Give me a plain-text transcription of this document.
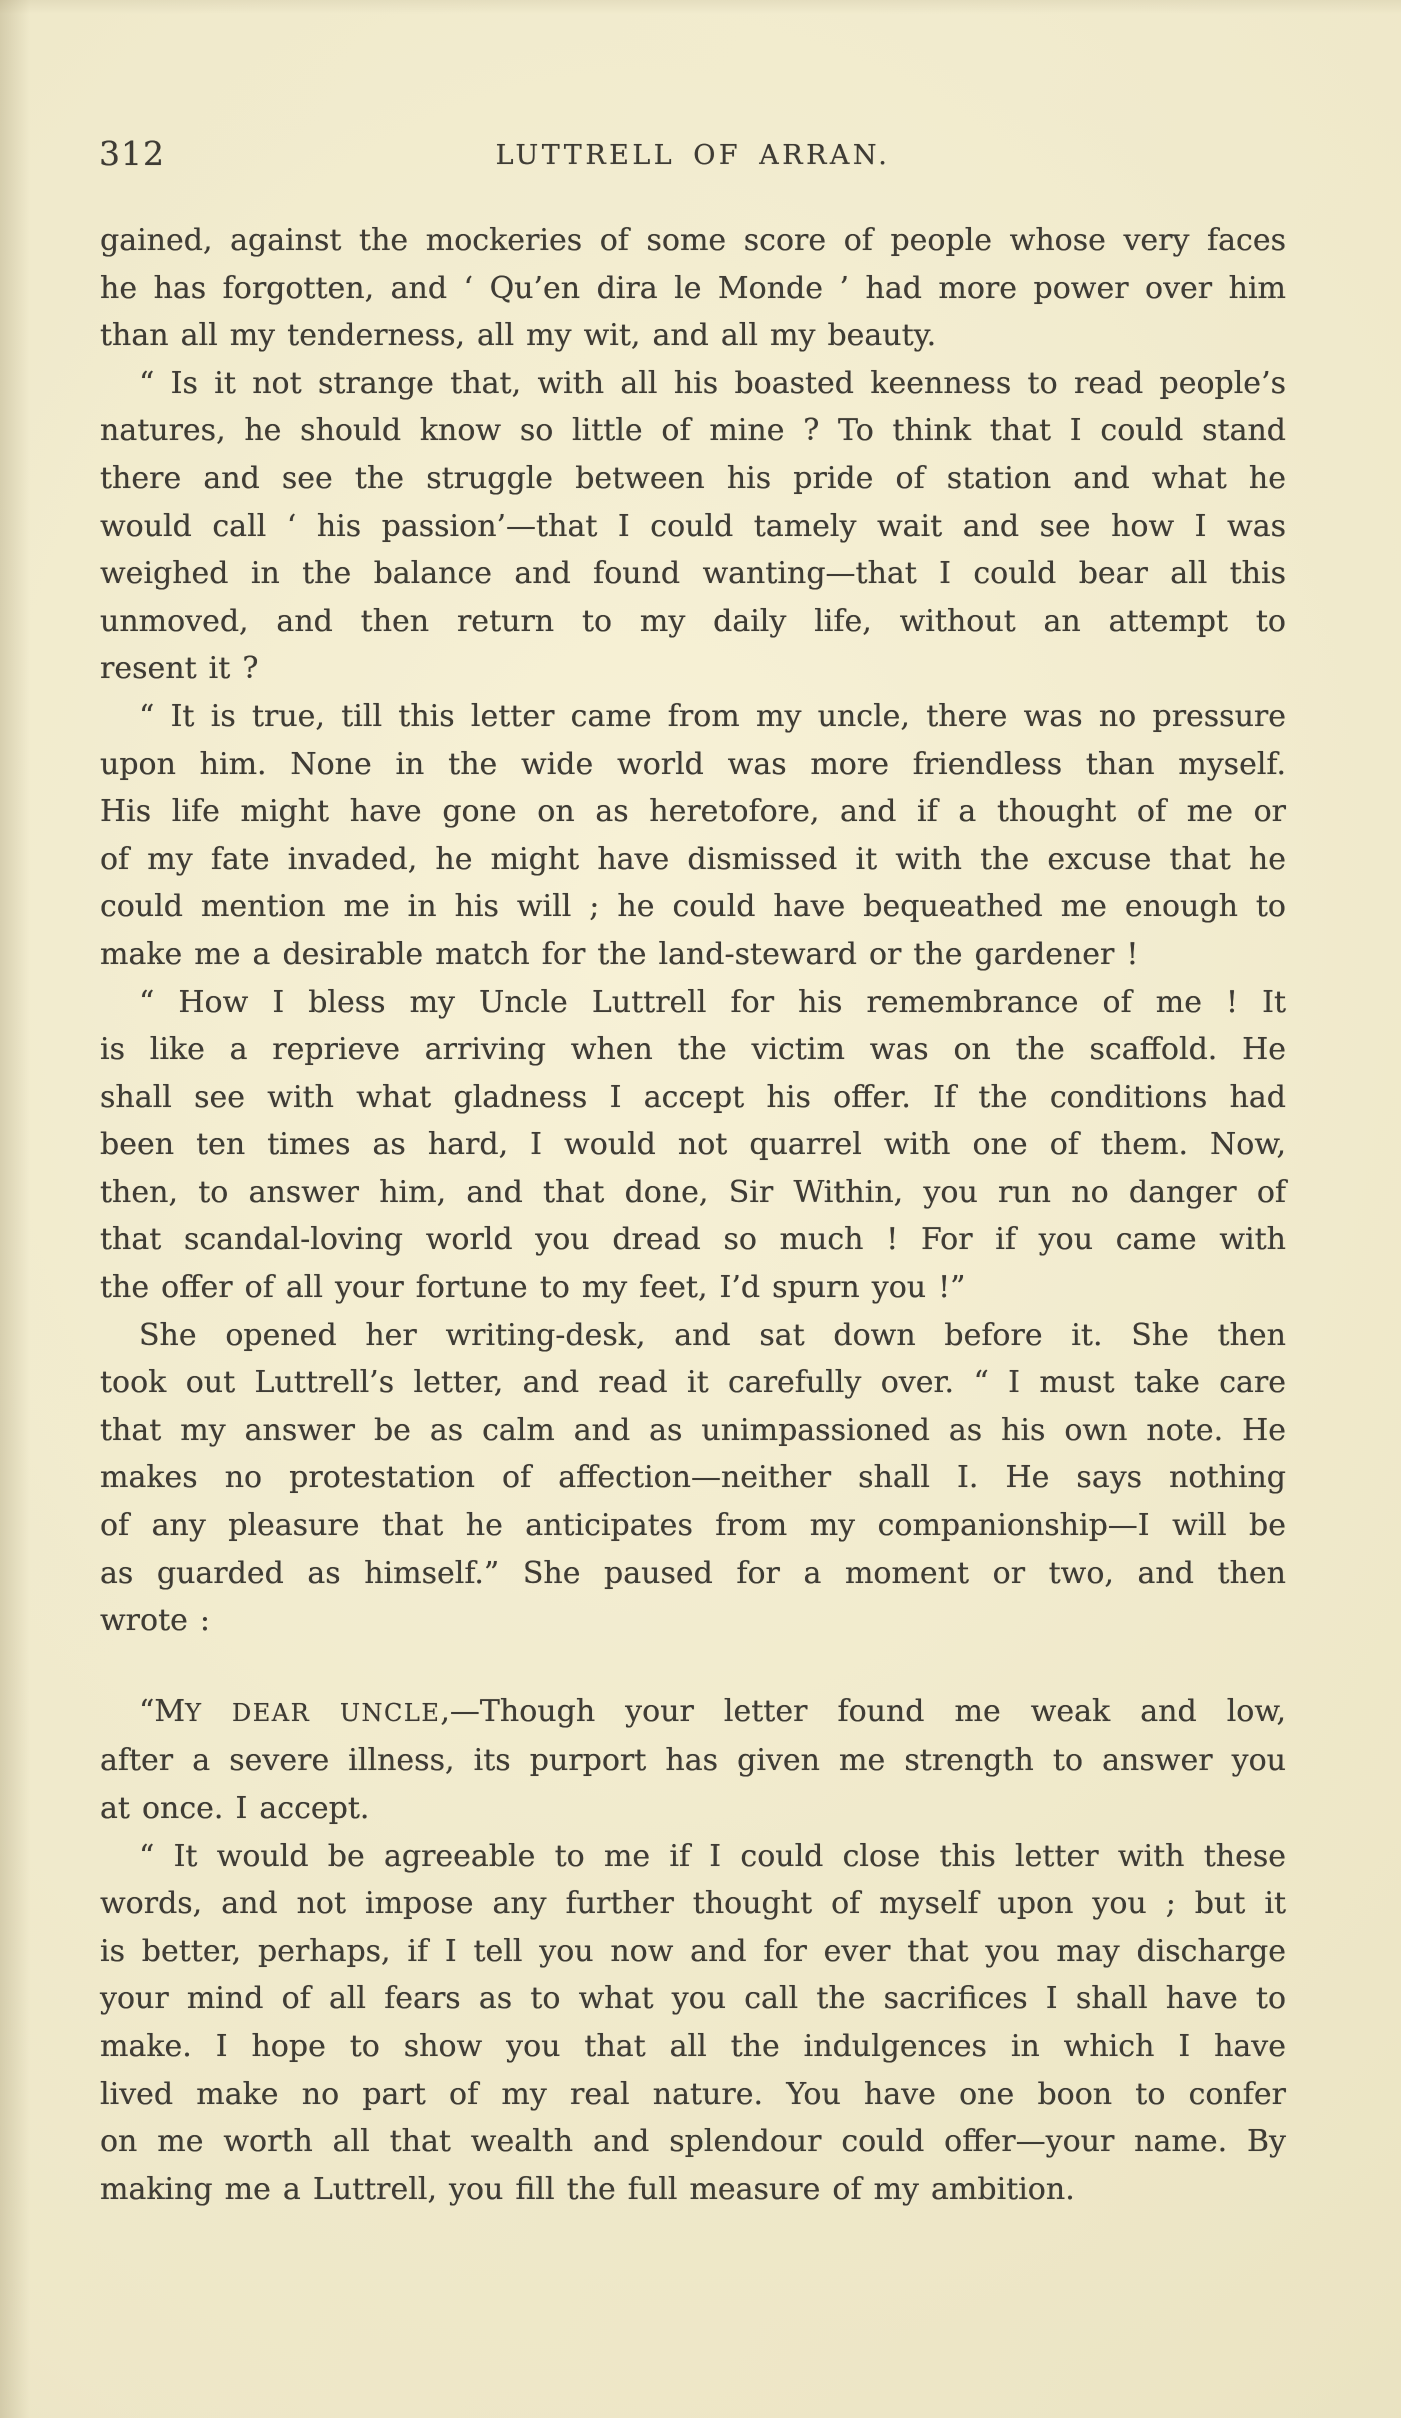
312	LUTTRELL OF ARRAN.
gained, against the mockeries of some score of people whose very faces
he has forgotten, and ‘ Qu’en dira le Monde ’ had more power over him
than all my tenderness, all my wit, and all my beauty.
“ Is it not strange that, with all his boasted keenness to read people’s
natures, he should know so little of mine ? To think that I could stand
there and see the struggle between his pride of station and what he
would call ‘ his passion’—that I could tamely wait and see how I was
weighed in the balance and found wanting—that I could bear all this
unmoved, and then return to my daily life, without an attempt to
resent it ?
“ It is true, till this letter came from my uncle, there was no pressure
upon him. None in the wide world was more friendless than myself.
His life might have gone on as heretofore, and if a thought of me or
of my fate invaded, he might have dismissed it with the excuse that he
could mention me in his will ; he could have bequeathed me enough to
make me a desirable match for the land-steward or the gardener !
“ How I bless my Uncle Luttrell for his remembrance of me ! It
is like a reprieve arriving when the victim was on the scaffold. He
shall see with what gladness I accept his offer. If the conditions had
been ten times as hard, I would not quarrel with one of them. Now,
then, to answer him, and that done, Sir Within, you run no danger of
that scandal-loving world you dread so much ! For if you came with
the offer of all your fortune to my feet, I’d spurn you !”
She opened her writing-desk, and sat down before it. She then
took out Luttrell’s letter, and read it carefully over. “ I must take care
that my answer be as calm and as unimpassioned as his own note. He
makes no protestation of affection—neither shall I. He says nothing
of any pleasure that he anticipates from my companionship—I will be
as guarded as himself.” She paused for a moment or two, and then
wrote :
“MY DEAR UNCLE,—Though your letter found me weak and low,
after a severe illness, its purport has given me strength to answer you
at once. I accept.
“ It would be agreeable to me if I could close this letter with these
words, and not impose any further thought of myself upon you ; but it
is better, perhaps, if I tell you now and for ever that you may discharge
your mind of all fears as to what you call the sacrifices I shall have to
make. I hope to show you that all the indulgences in which I have
lived make no part of my real nature. You have one boon to confer
on me worth all that wealth and splendour could offer—your name. By
making me a Luttrell, you fill the full measure of my ambition.
